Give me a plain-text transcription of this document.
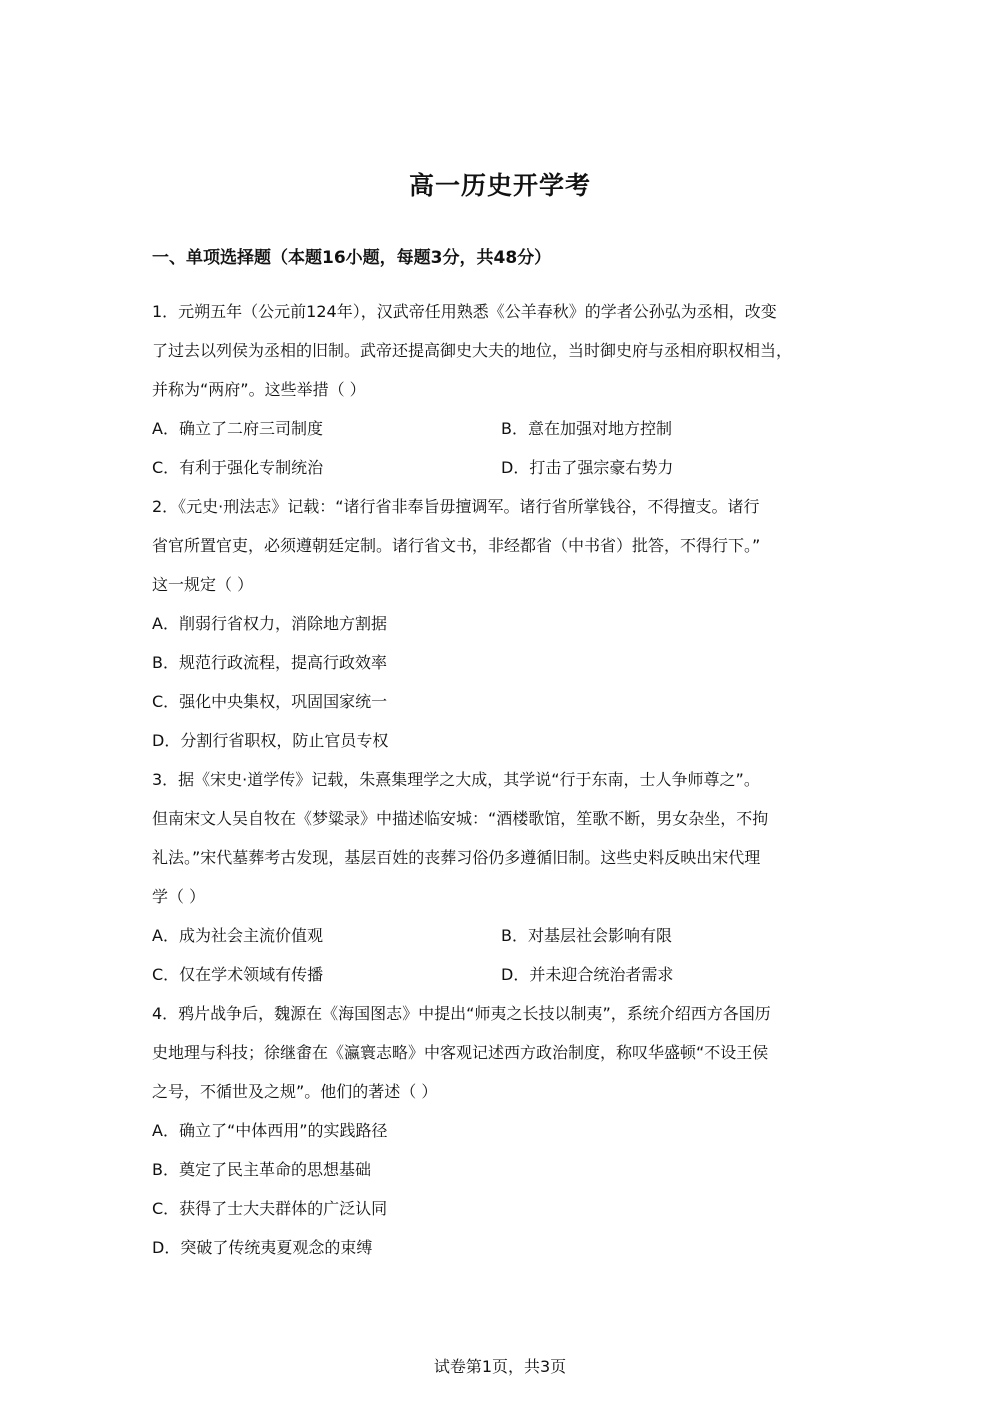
高一历史开学考
一、单项选择题（本题16小题，每题3分，共48分）
1．元朔五年（公元前124年），汉武帝任用熟悉《公羊春秋》的学者公孙弘为丞相，改变
了过去以列侯为丞相的旧制。武帝还提高御史大夫的地位，当时御史府与丞相府职权相当，
并称为“两府”。这些举措（ ）
A．确立了二府三司制度	B．意在加强对地方控制
C．有利于强化专制统治	D．打击了强宗豪右势力
2．《元史·刑法志》记载：“诸行省非奉旨毋擅调军。诸行省所掌钱谷，不得擅支。诸行
省官所置官吏，必须遵朝廷定制。诸行省文书，非经都省（中书省）批答，不得行下。”
这一规定（ ）
A．削弱行省权力，消除地方割据
B．规范行政流程，提高行政效率
C．强化中央集权，巩固国家统一
D．分割行省职权，防止官员专权
3．据《宋史·道学传》记载，朱熹集理学之大成，其学说“行于东南，士人争师尊之”。
但南宋文人吴自牧在《梦粱录》中描述临安城：“酒楼歌馆，笙歌不断，男女杂坐，不拘
礼法。”宋代墓葬考古发现，基层百姓的丧葬习俗仍多遵循旧制。这些史料反映出宋代理
学（ ）
A．成为社会主流价值观	B．对基层社会影响有限
C．仅在学术领域有传播	D．并未迎合统治者需求
4．鸦片战争后，魏源在《海国图志》中提出“师夷之长技以制夷”，系统介绍西方各国历
史地理与科技；徐继畬在《瀛寰志略》中客观记述西方政治制度，称叹华盛顿“不设王侯
之号，不循世及之规”。他们的著述（ ）
A．确立了“中体西用”的实践路径
B．奠定了民主革命的思想基础
C．获得了士大夫群体的广泛认同
D．突破了传统夷夏观念的束缚
试卷第1页，共3页
